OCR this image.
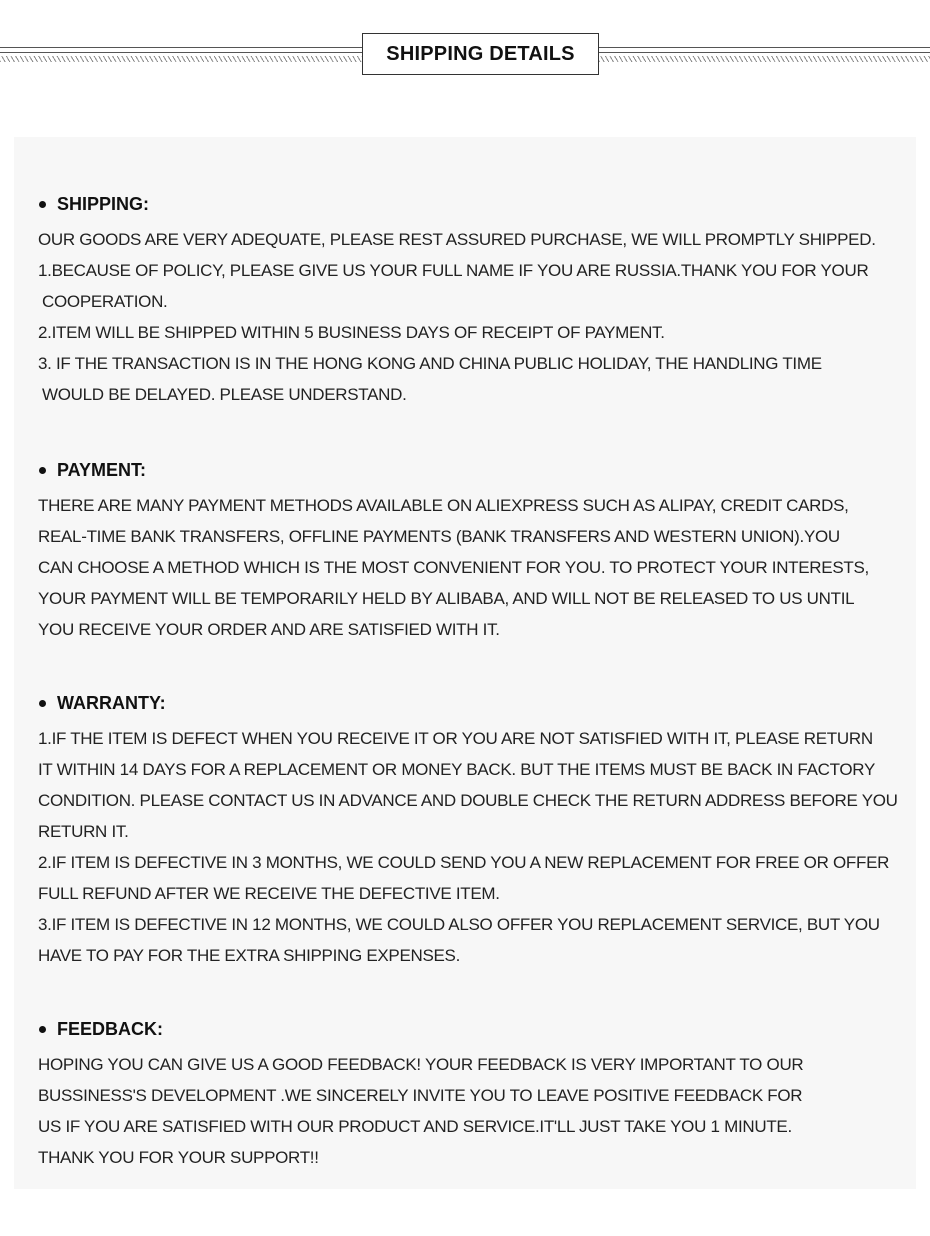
SHIPPING DETAILS
SHIPPING:
OUR GOODS ARE VERY ADEQUATE, PLEASE REST ASSURED PURCHASE, WE WILL PROMPTLY SHIPPED.
1.BECAUSE OF POLICY, PLEASE GIVE US YOUR FULL NAME IF YOU ARE RUSSIA.THANK YOU FOR YOUR
COOPERATION.
2.ITEM WILL BE SHIPPED WITHIN 5 BUSINESS DAYS OF RECEIPT OF PAYMENT.
3. IF THE TRANSACTION IS IN THE HONG KONG AND CHINA PUBLIC HOLIDAY, THE HANDLING TIME
WOULD BE DELAYED. PLEASE UNDERSTAND.
PAYMENT:
THERE ARE MANY PAYMENT METHODS AVAILABLE ON ALIEXPRESS SUCH AS ALIPAY, CREDIT CARDS,
REAL-TIME BANK TRANSFERS, OFFLINE PAYMENTS (BANK TRANSFERS AND WESTERN UNION).YOU
CAN CHOOSE A METHOD WHICH IS THE MOST CONVENIENT FOR YOU. TO PROTECT YOUR INTERESTS,
YOUR PAYMENT WILL BE TEMPORARILY HELD BY ALIBABA, AND WILL NOT BE RELEASED TO US UNTIL
YOU RECEIVE YOUR ORDER AND ARE SATISFIED WITH IT.
WARRANTY:
1.IF THE ITEM IS DEFECT WHEN YOU RECEIVE IT OR YOU ARE NOT SATISFIED WITH IT, PLEASE RETURN
IT WITHIN 14 DAYS FOR A REPLACEMENT OR MONEY BACK. BUT THE ITEMS MUST BE BACK IN FACTORY
CONDITION. PLEASE CONTACT US IN ADVANCE AND DOUBLE CHECK THE RETURN ADDRESS BEFORE YOU
RETURN IT.
2.IF ITEM IS DEFECTIVE IN 3 MONTHS, WE COULD SEND YOU A NEW REPLACEMENT FOR FREE OR OFFER
FULL REFUND AFTER WE RECEIVE THE DEFECTIVE ITEM.
3.IF ITEM IS DEFECTIVE IN 12 MONTHS, WE COULD ALSO OFFER YOU REPLACEMENT SERVICE, BUT YOU
HAVE TO PAY FOR THE EXTRA SHIPPING EXPENSES.
FEEDBACK:
HOPING YOU CAN GIVE US A GOOD FEEDBACK! YOUR FEEDBACK IS VERY IMPORTANT TO OUR
BUSSINESS'S DEVELOPMENT .WE SINCERELY INVITE YOU TO LEAVE POSITIVE FEEDBACK FOR
US IF YOU ARE SATISFIED WITH OUR PRODUCT AND SERVICE.IT'LL JUST TAKE YOU 1 MINUTE.
THANK YOU FOR YOUR SUPPORT!!
